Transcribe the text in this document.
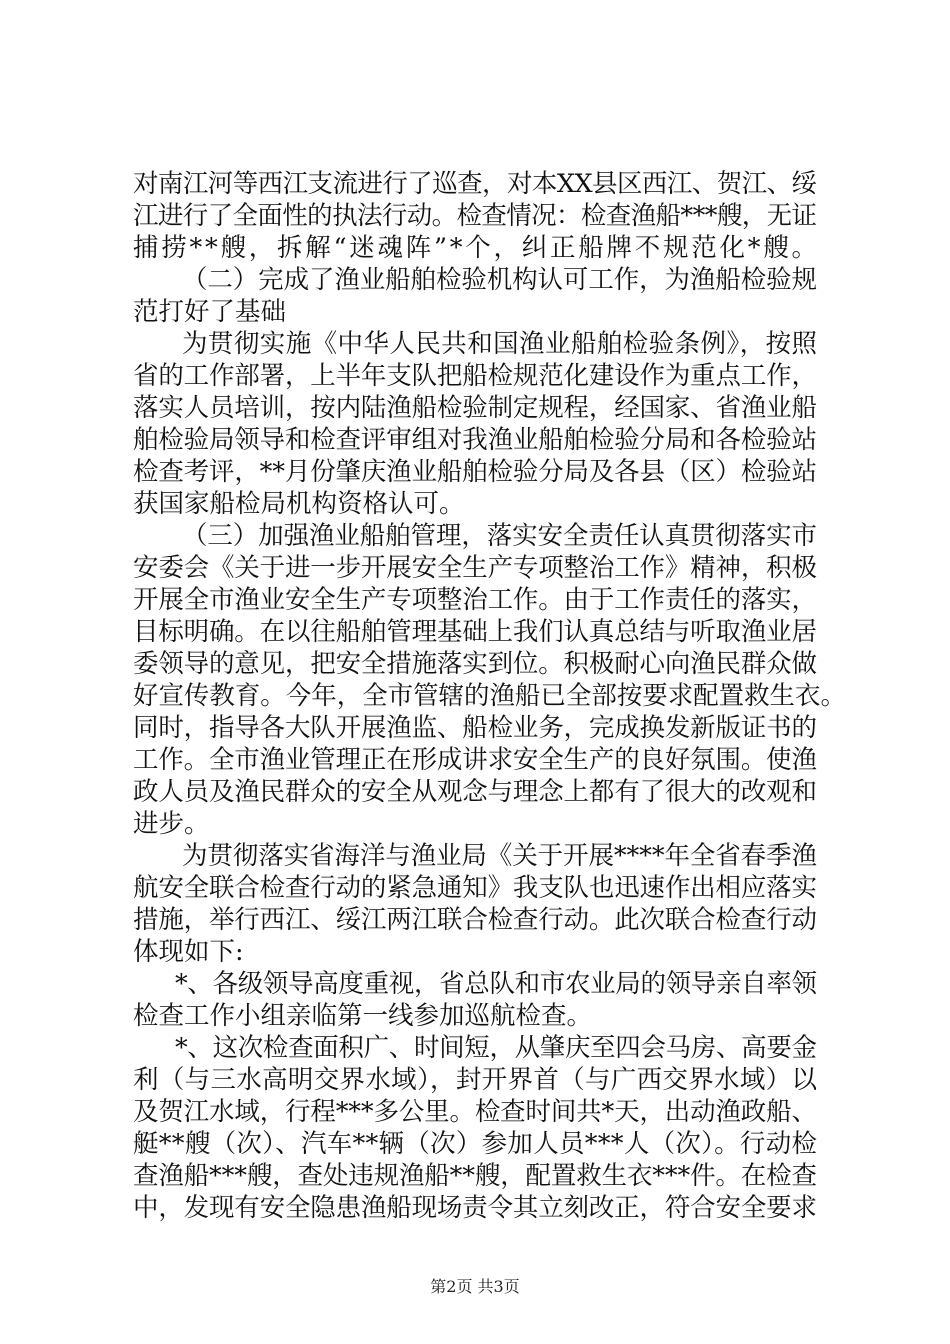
对南江河等西江支流进行了巡查，对本XX县区西江、贺江、绥
江进行了全面性的执法行动。检查情况：检查渔船***艘，无证
捕捞**艘，拆解“迷魂阵”*个，纠正船牌不规范化*艘。
（二）完成了渔业船舶检验机构认可工作，为渔船检验规
范打好了基础
为贯彻实施《中华人民共和国渔业船舶检验条例》，按照
省的工作部署，上半年支队把船检规范化建设作为重点工作，
落实人员培训，按内陆渔船检验制定规程，经国家、省渔业船
舶检验局领导和检查评审组对我渔业船舶检验分局和各检验站
检查考评，**月份肇庆渔业船舶检验分局及各县（区）检验站
获国家船检局机构资格认可。
（三）加强渔业船舶管理，落实安全责任认真贯彻落实市
安委会《关于进一步开展安全生产专项整治工作》精神，积极
开展全市渔业安全生产专项整治工作。由于工作责任的落实，
目标明确。在以往船舶管理基础上我们认真总结与听取渔业居
委领导的意见，把安全措施落实到位。积极耐心向渔民群众做
好宣传教育。今年，全市管辖的渔船已全部按要求配置救生衣。
同时，指导各大队开展渔监、船检业务，完成换发新版证书的
工作。全市渔业管理正在形成讲求安全生产的良好氛围。使渔
政人员及渔民群众的安全从观念与理念上都有了很大的改观和
进步。
为贯彻落实省海洋与渔业局《关于开展****年全省春季渔
航安全联合检查行动的紧急通知》我支队也迅速作出相应落实
措施，举行西江、绥江两江联合检查行动。此次联合检查行动
体现如下:
*、各级领导高度重视，省总队和市农业局的领导亲自率领
检查工作小组亲临第一线参加巡航检查。
*、这次检查面积广、时间短，从肇庆至四会马房、高要金
利（与三水高明交界水域），封开界首（与广西交界水域）以
及贺江水域，行程***多公里。检查时间共*天，出动渔政船、
艇**艘（次）、汽车**辆（次）参加人员***人（次）。行动检
查渔船***艘，查处违规渔船**艘，配置救生衣***件。在检查
中，发现有安全隐患渔船现场责令其立刻改正，符合安全要求
第2页 共3页
